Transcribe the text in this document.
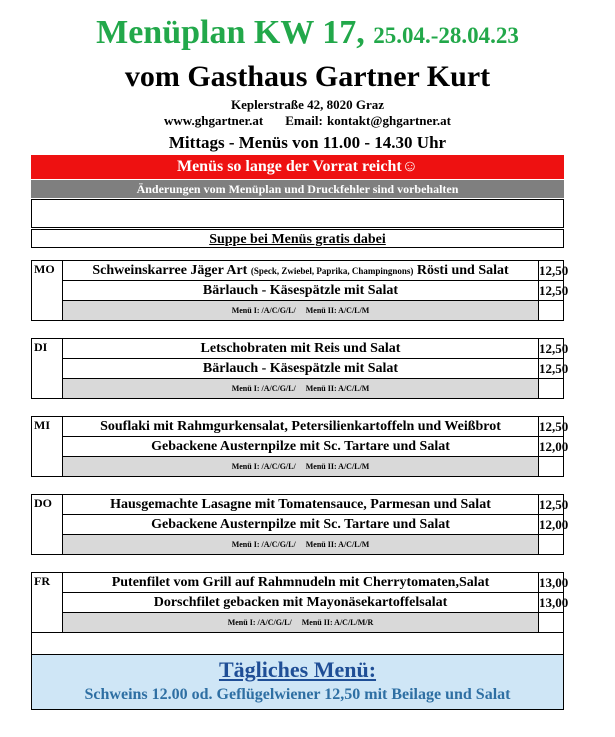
Menüplan KW 17, 25.04.-28.04.23
vom Gasthaus Gartner Kurt
Keplerstraße 42, 8020 Graz
www.ghgartner.at Email: kontakt@ghgartner.at
Mittags - Menüs von 11.00 - 14.30 Uhr
Menüs so lange der Vorrat reicht☺
Änderungen vom Menüplan und Druckfehler sind vorbehalten
Suppe bei Menüs gratis dabei
MO	Schweinskarree Jäger Art (Speck, Zwiebel, Paprika, Champingnons) Rösti und Salat	12,50
	Bärlauch - Käsespätzle mit Salat	12,50
	Menü I: /A/C/G/L/ Menü II: A/C/L/M	
DI	Letschobraten mit Reis und Salat	12,50
	Bärlauch - Käsespätzle mit Salat	12,50
	Menü I: /A/C/G/L/ Menü II: A/C/L/M	
MI	Souflaki mit Rahmgurkensalat, Petersilienkartoffeln und Weißbrot	12,50
	Gebackene Austernpilze mit Sc. Tartare und Salat	12,00
	Menü I: /A/C/G/L/ Menü II: A/C/L/M	
DO	Hausgemachte Lasagne mit Tomatensauce, Parmesan und Salat	12,50
	Gebackene Austernpilze mit Sc. Tartare und Salat	12,00
	Menü I: /A/C/G/L/ Menü II: A/C/L/M	
FR	Putenfilet vom Grill auf Rahmnudeln mit Cherrytomaten,Salat	13,00
	Dorschfilet gebacken mit Mayonäsekartoffelsalat	13,00
	Menü I: /A/C/G/L/ Menü II: A/C/L/M/R	
Tägliches Menü:
Schweins 12.00 od. Geflügelwiener 12,50 mit Beilage und Salat
